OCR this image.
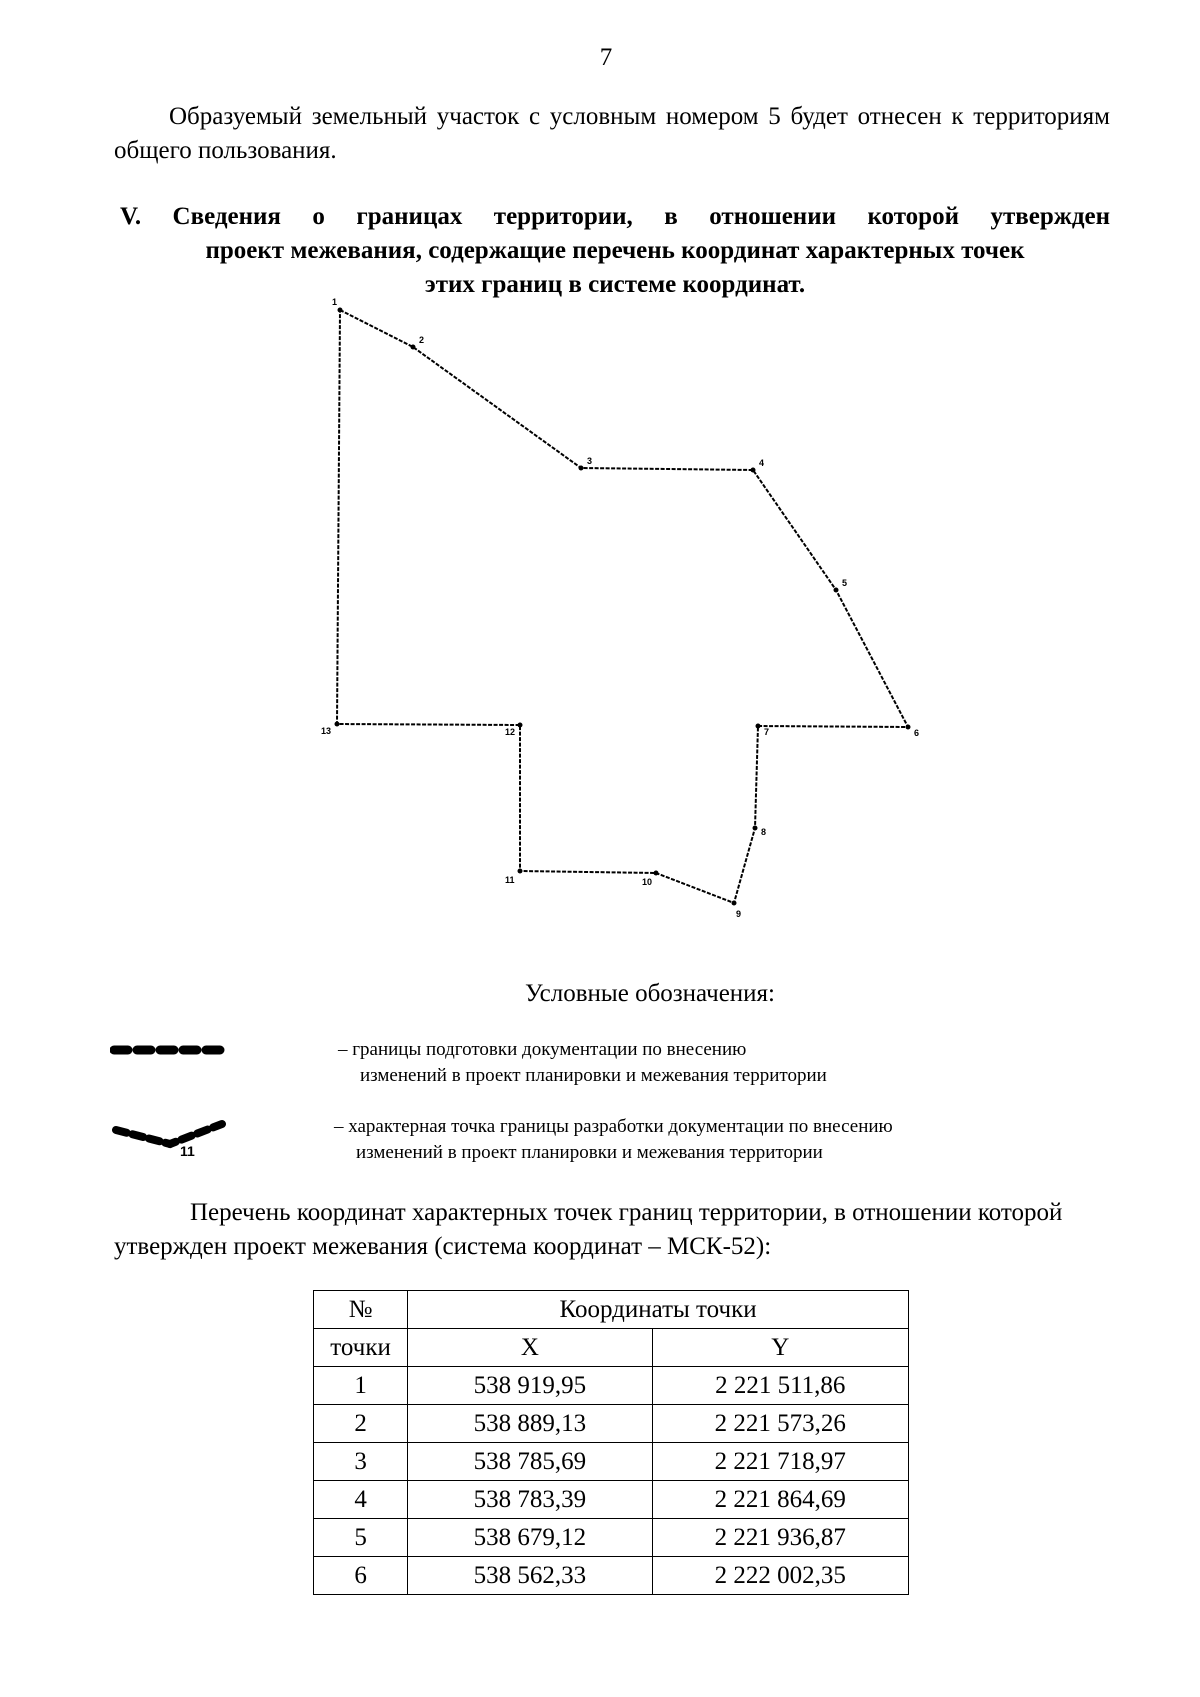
7
Образуемый земельный участок с условным номером 5 будет отнесен к территориям общего пользования.
V. Сведения о границах территории, в отношении которой утвержден
проект межевания, содержащие перечень координат характерных точек
этих границ в системе координат.
1
2
3	4
5
6
7
8
9
10
11
12
13
Условные обозначения:
– границы подготовки документации по внесению
изменений в проект планировки и межевания территории
11
– характерная точка границы разработки документации по внесению
изменений в проект планировки и межевания территории
Перечень координат характерных точек границ территории, в отношении которой утвержден проект межевания (система координат – МСК-52):
№	Координаты точки	
точки	X	Y
1	538 919,95	2 221 511,86
2	538 889,13	2 221 573,26
3	538 785,69	2 221 718,97
4	538 783,39	2 221 864,69
5	538 679,12	2 221 936,87
6	538 562,33	2 222 002,35
